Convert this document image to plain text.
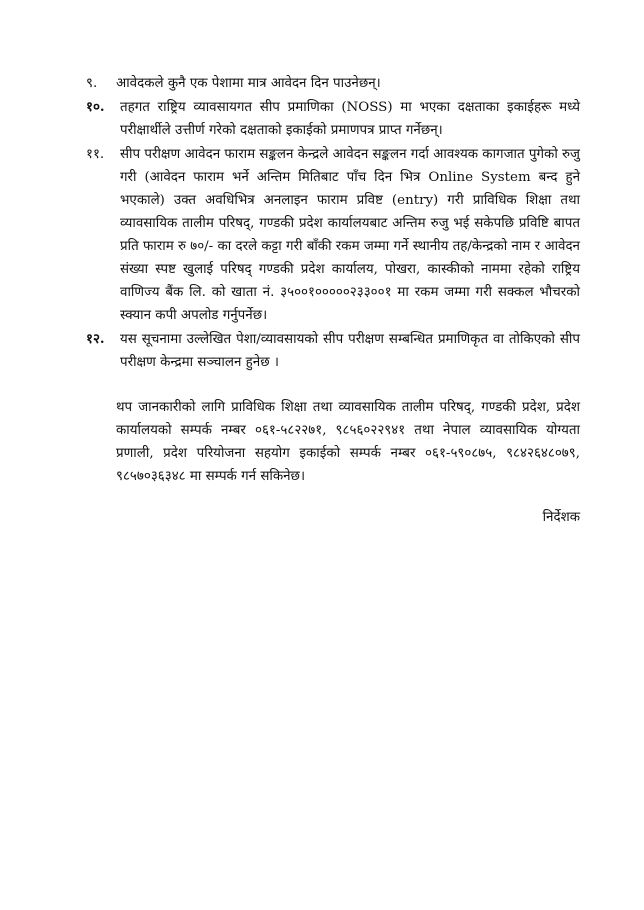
९. आवेदकले कुनै एक पेशामा मात्र आवेदन दिन पाउनेछन्।
१०. तहगत राष्ट्रिय व्यावसायगत सीप प्रमाणिका (NOSS) मा भएका दक्षताका इकाईहरू मध्ये परीक्षार्थीले उत्तीर्ण गरेको दक्षताको इकाईको प्रमाणपत्र प्राप्त गर्नेछन्।
११. सीप परीक्षण आवेदन फाराम सङ्कलन केन्द्रले आवेदन सङ्कलन गर्दा आवश्यक कागजात पुगेको रुजु गरी (आवेदन फाराम भर्ने अन्तिम मितिबाट पाँच दिन भित्र Online System बन्द हुने भएकाले) उक्त अवधिभित्र अनलाइन फाराम प्रविष्ट (entry) गरी प्राविधिक शिक्षा तथा व्यावसायिक तालीम परिषद्, गण्डकी प्रदेश कार्यालयबाट अन्तिम रुजु भई सकेपछि प्रविष्टि बापत प्रति फाराम रु ७०/- का दरले कट्टा गरी बाँकी रकम जम्मा गर्ने स्थानीय तह/केन्द्रको नाम र आवेदन संख्या स्पष्ट खुलाई परिषद् गण्डकी प्रदेश कार्यालय, पोखरा, कास्कीको नाममा रहेको राष्ट्रिय वाणिज्य बैंक लि. को खाता नं. ३५००१०००००२३३००१ मा रकम जम्मा गरी सक्कल भौचरको स्क्यान कपी अपलोड गर्नुपर्नेछ।
१२. यस सूचनामा उल्लेखित पेशा/व्यावसायको सीप परीक्षण सम्बन्धित प्रमाणिकृत वा तोकिएको सीप परीक्षण केन्द्रमा सञ्चालन हुनेछ ।
थप जानकारीको लागि प्राविधिक शिक्षा तथा व्यावसायिक तालीम परिषद्, गण्डकी प्रदेश, प्रदेश कार्यालयको सम्पर्क नम्बर ०६१-५८२२७१, ९८५६०२२९४१ तथा नेपाल व्यावसायिक योग्यता प्रणाली, प्रदेश परियोजना सहयोग इकाईको सम्पर्क नम्बर ०६१-५९०८७५, ९८४२६४८०७९, ९८५७०३६३४८ मा सम्पर्क गर्न सकिनेछ।
निर्देशक
